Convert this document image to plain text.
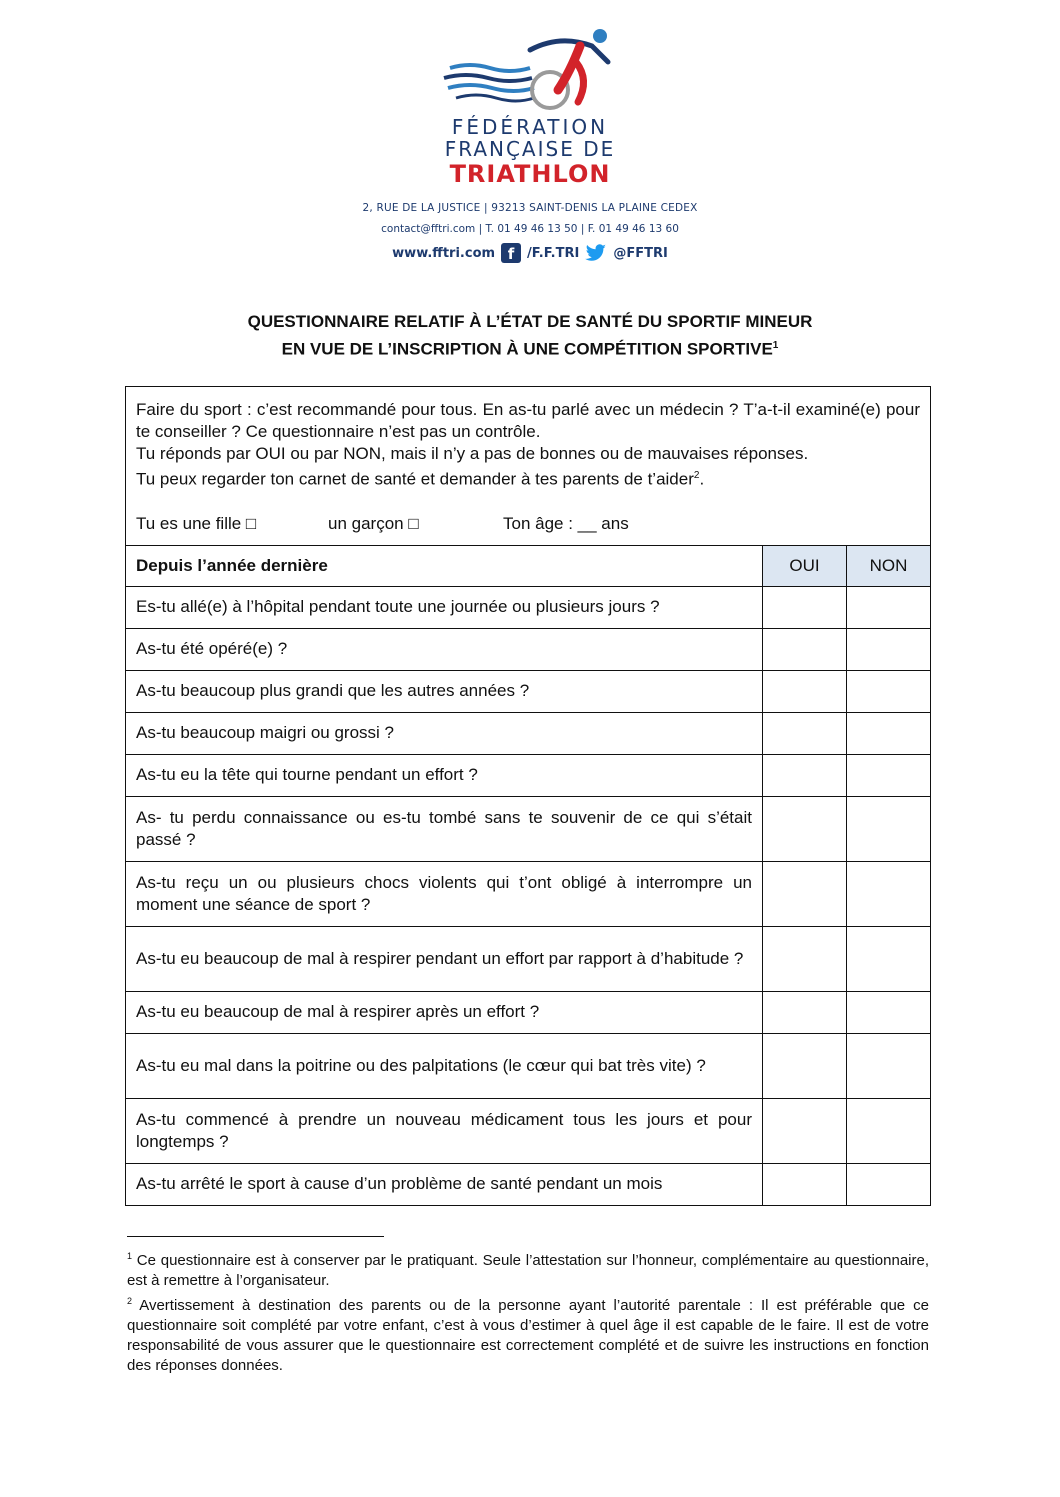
FÉDÉRATION
FRANÇAISE DE
TRIATHLON
2, RUE DE LA JUSTICE | 93213 SAINT-DENIS LA PLAINE CEDEX
contact@fftri.com | T. 01 49 46 13 50 | F. 01 49 46 13 60
www.fftri.com f /F.F.TRI	@FFTRI
QUESTIONNAIRE RELATIF À L’ÉTAT DE SANTÉ DU SPORTIF MINEUR
EN VUE DE L’INSCRIPTION À UNE COMPÉTITION SPORTIVE$^1$

Faire du sport : c’est recommandé pour tous. En as-tu parlé avec un médecin ? T’a-t-il examiné(e) pour te conseiller ? Ce questionnaire n’est pas un contrôle.

Tu réponds par OUI ou par NON, mais il n’y a pas de bonnes ou de mauvaises réponses.

Tu peux regarder ton carnet de santé et demander à tes parents de t’aider$^2$.

Tu es une fille □ un garçon □ Ton âge : __ ans		

Depuis l’année dernière	OUI	NON
Es-tu allé(e) à l’hôpital pendant toute une journée ou plusieurs jours ?		
As-tu été opéré(e) ?		
As-tu beaucoup plus grandi que les autres années ?		
As-tu beaucoup maigri ou grossi ?		
As-tu eu la tête qui tourne pendant un effort ?		
As- tu perdu connaissance ou es-tu tombé sans te souvenir de ce qui s’était passé ?		
As-tu reçu un ou plusieurs chocs violents qui t’ont obligé à interrompre un moment une séance de sport ?		
As-tu eu beaucoup de mal à respirer pendant un effort par rapport à d’habitude ?		
As-tu eu beaucoup de mal à respirer après un effort ?		
As-tu eu mal dans la poitrine ou des palpitations (le cœur qui bat très vite) ?		
As-tu commencé à prendre un nouveau médicament tous les jours et pour longtemps ?		
As-tu arrêté le sport à cause d’un problème de santé pendant un mois		

$^1$ Ce questionnaire est à conserver par le pratiquant. Seule l’attestation sur l’honneur, complémentaire au questionnaire, est à remettre à l’organisateur.

$^2$ Avertissement à destination des parents ou de la personne ayant l’autorité parentale : Il est préférable que ce questionnaire soit complété par votre enfant, c’est à vous d’estimer à quel âge il est capable de le faire. Il est de votre responsabilité de vous assurer que le questionnaire est correctement complété et de suivre les instructions en fonction des réponses données.
